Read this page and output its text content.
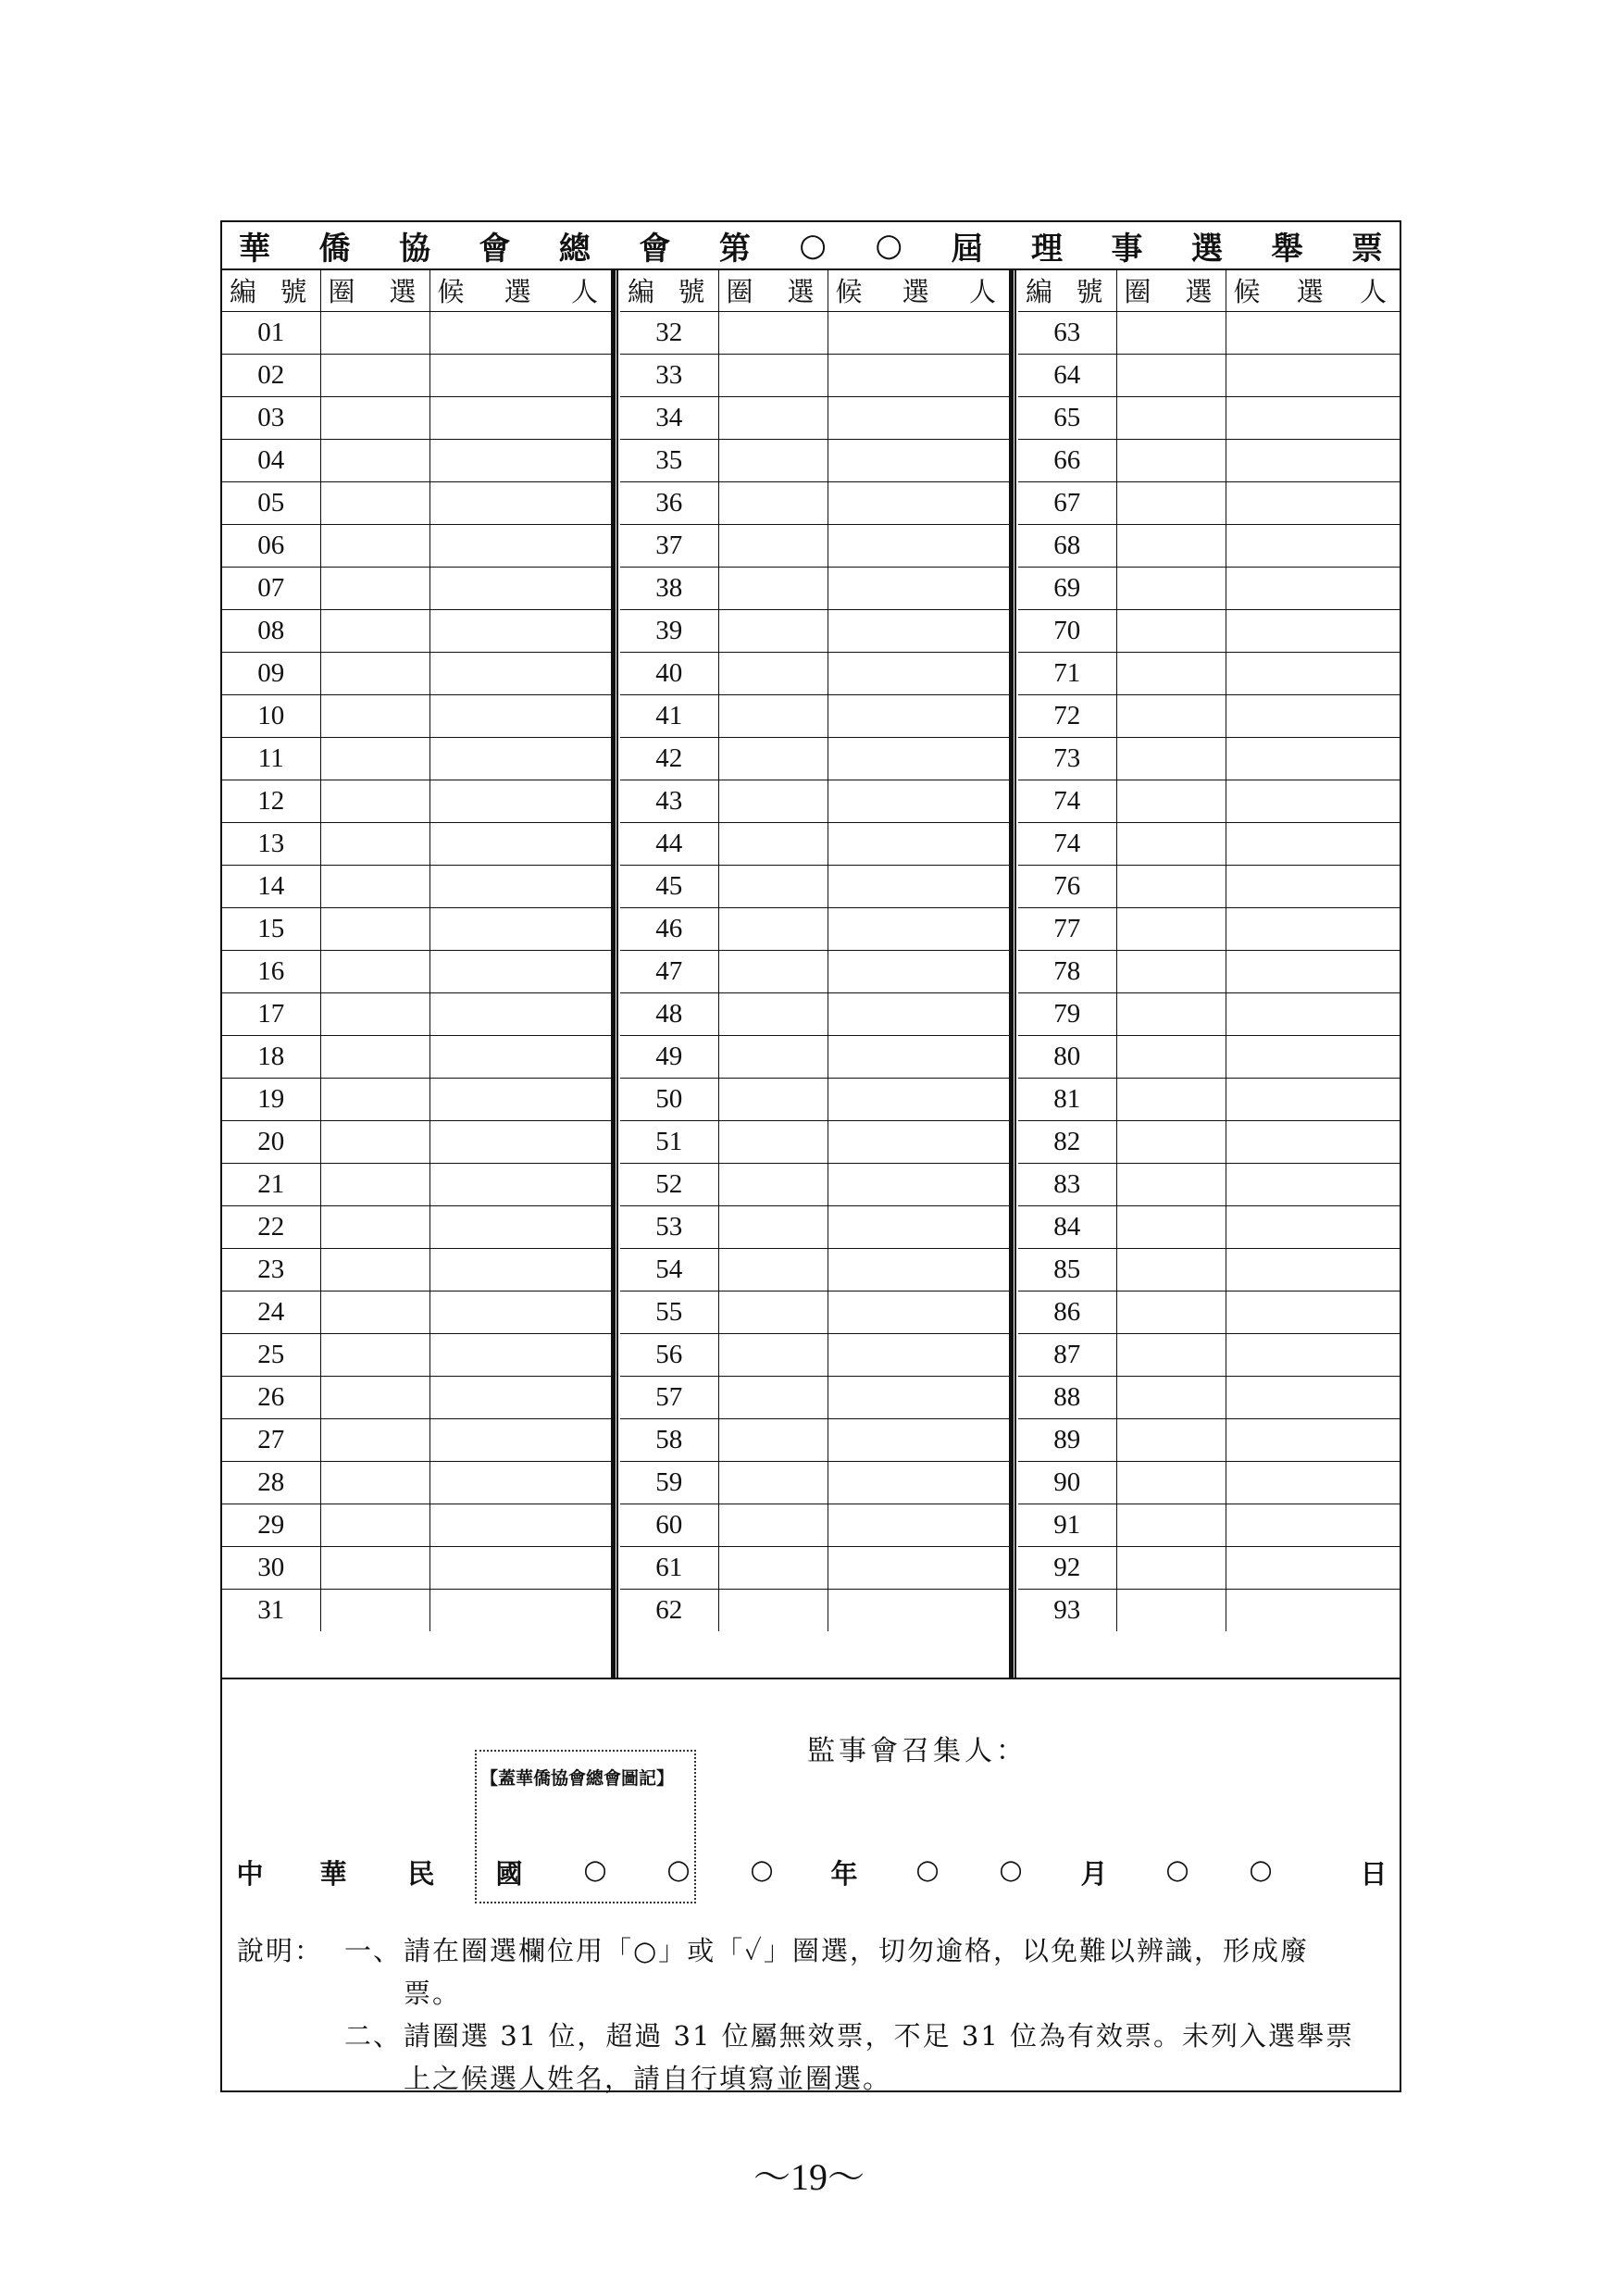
華 僑 協 會 總 會 第 ○ ○ 屆 理 事 選 舉 票
編 號	圈 選	候 選 人

01		
02		
03		
04		
05		
06		
07		
08		
09		
10		
11		
12		
13		
14		
15		
16		
17		
18		
19		
20		
21		
22		
23		
24		
25		
26		
27		
28		
29		
30		
31		
編 號	圈 選	候 選 人

32		
33		
34		
35		
36		
37		
38		
39		
40		
41		
42		
43		
44		
45		
46		
47		
48		
49		
50		
51		
52		
53		
54		
55		
56		
57		
58		
59		
60		
61		
62		
編 號	圈 選	候 選 人

63		
64		
65		
66		
67		
68		
69		
70		
71		
72		
73		
74		
74		
76		
77		
78		
79		
80		
81		
82		
83		
84		
85		
86		
87		
88		
89		
90		
91		
92		
93		
監事會召集人：
【蓋華僑協會總會圖記】
中 華 民 國 ○ ○ ○ 年 ○ ○ 月 ○ ○	日
說明： 一、 請在圈選欄位用「○」或「✓」圈選，切勿逾格，以免難以辨識，形成廢
票。
二、 請圈選 31 位，超過 31 位屬無效票，不足 31 位為有效票。未列入選舉票
上之候選人姓名，請自行填寫並圈選。
～19～
